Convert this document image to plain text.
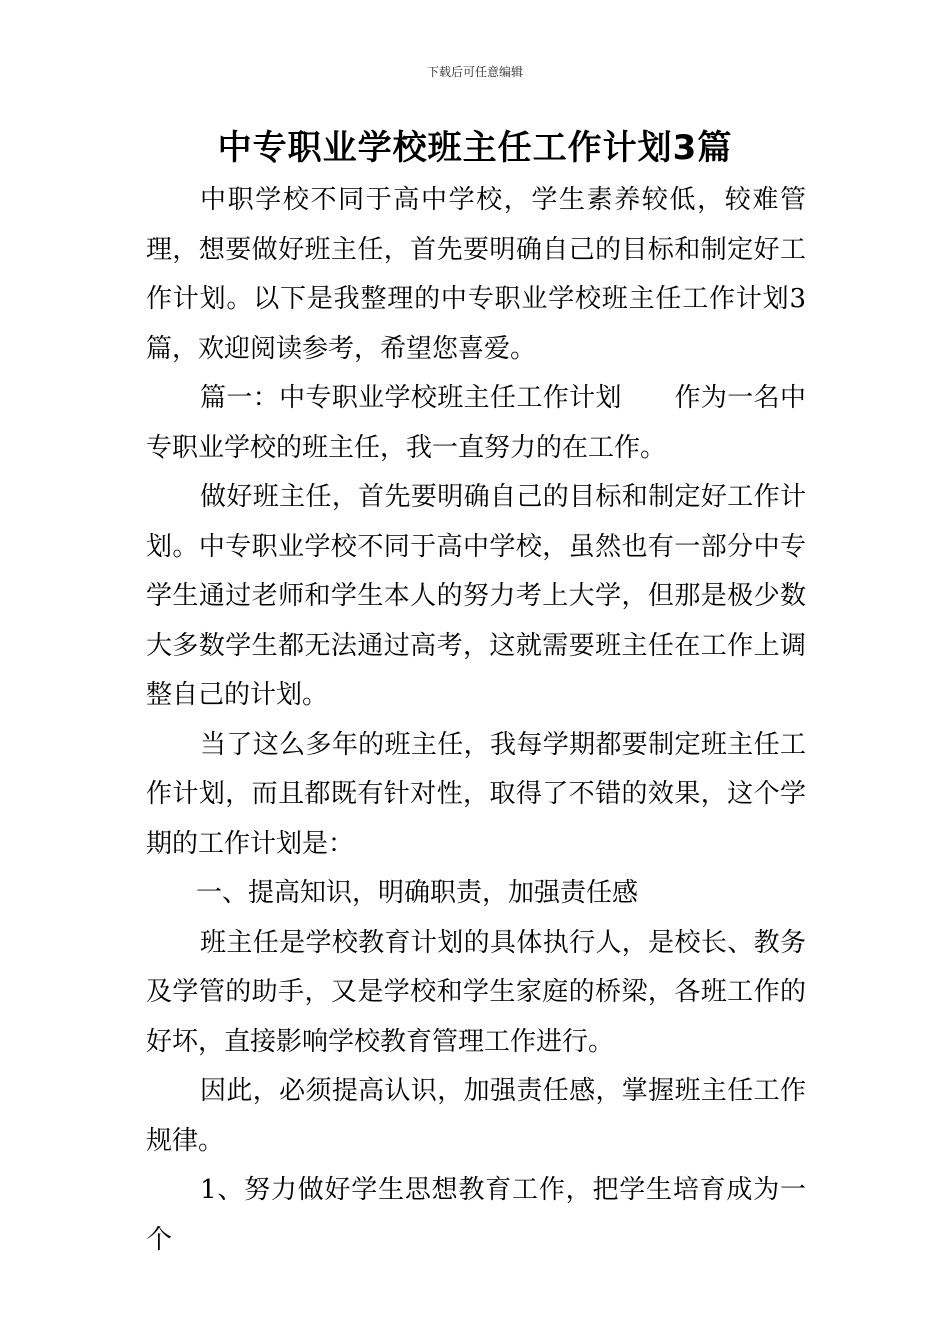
下载后可任意编辑
中专职业学校班主任工作计划3篇

中职学校不同于高中学校，学生素养较低，较难管理，想要做好班主任，首先要明确自己的目标和制定好工作计划。以下是我整理的中专职业学校班主任工作计划3篇，欢迎阅读参考，希望您喜爱。

篇一：中专职业学校班主任工作计划　　作为一名中专职业学校的班主任，我一直努力的在工作。

做好班主任，首先要明确自己的目标和制定好工作计划。中专职业学校不同于高中学校，虽然也有一部分中专学生通过老师和学生本人的努力考上大学，但那是极少数大多数学生都无法通过高考，这就需要班主任在工作上调整自己的计划。

当了这么多年的班主任，我每学期都要制定班主任工作计划，而且都既有针对性，取得了不错的效果，这个学期的工作计划是：

一、提高知识，明确职责，加强责任感

班主任是学校教育计划的具体执行人，是校长、教务及学管的助手，又是学校和学生家庭的桥梁，各班工作的好坏，直接影响学校教育管理工作进行。

因此，必须提高认识，加强责任感，掌握班主任工作规律。

1、努力做好学生思想教育工作，把学生培育成为一个
